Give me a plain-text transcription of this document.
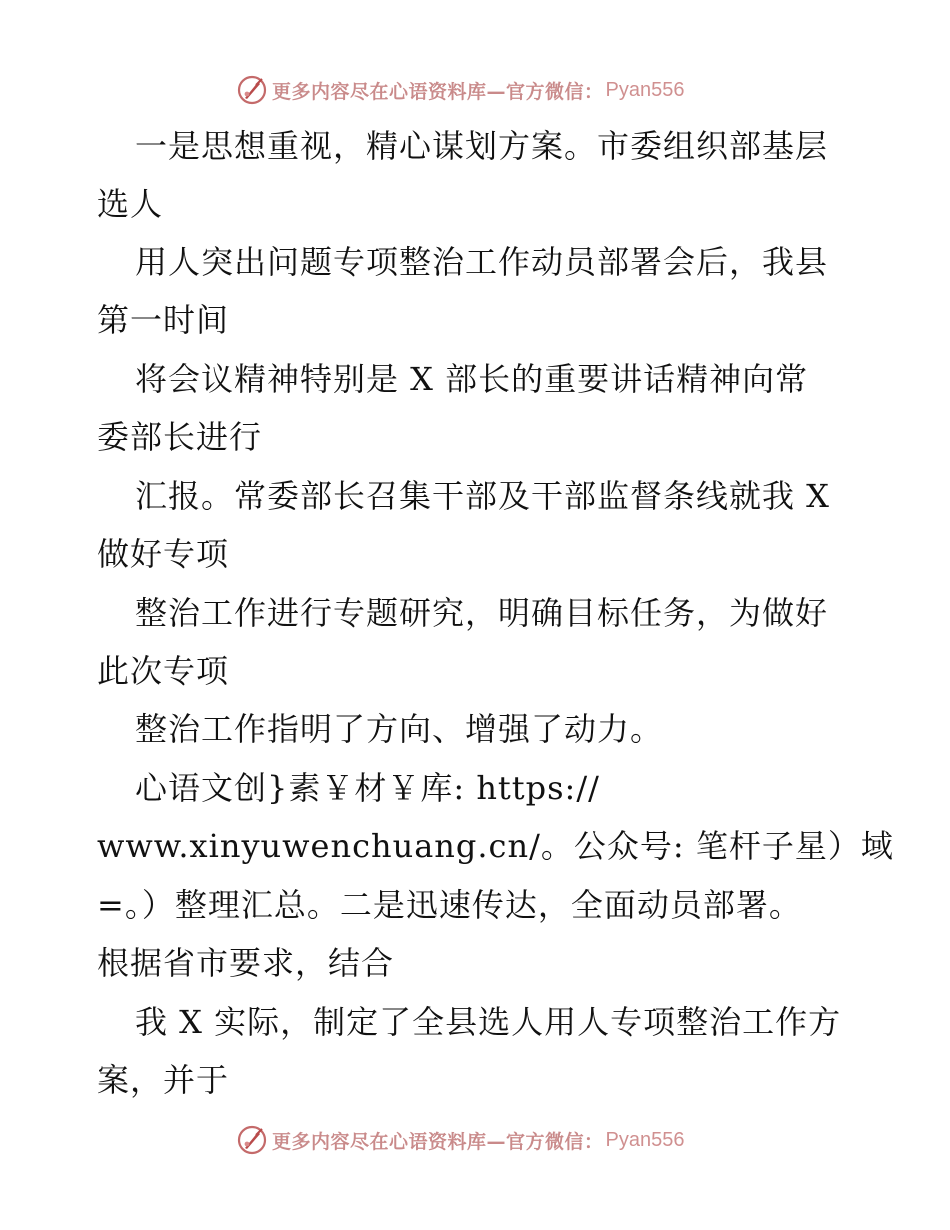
更多内容尽在心语资料库—官方微信： Pyan556
一是思想重视，精心谋划方案。市委组织部基层
选人
用人突出问题专项整治工作动员部署会后，我县
第一时间
将会议精神特别是 X 部长的重要讲话精神向常
委部长进行
汇报。常委部长召集干部及干部监督条线就我 X
做好专项
整治工作进行专题研究，明确目标任务，为做好
此次专项
整治工作指明了方向、增强了动力。
心语文创}素￥材￥库: https://
www.xinyuwenchuang.cn/。公众号: 笔杆子星）域
=。）整理汇总。二是迅速传达，全面动员部署。
根据省市要求，结合
我 X 实际，制定了全县选人用人专项整治工作方
案，并于
更多内容尽在心语资料库—官方微信： Pyan556
